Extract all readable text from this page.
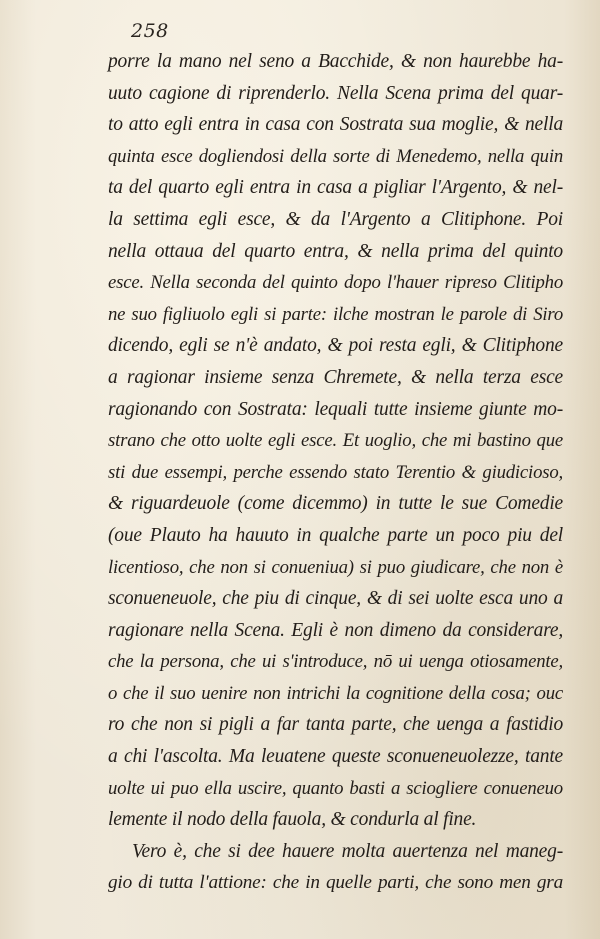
258
porre la mano nel seno a Bacchide, & non haurebbe ha-
uuto cagione di riprenderlo. Nella Scena prima del quar-
to atto egli entra in casa con Sostrata sua moglie, & nella
quinta esce dogliendosi della sorte di Menedemo, nella quin
ta del quarto egli entra in casa a pigliar l'Argento, & nel-
la settima egli esce, & da l'Argento a Clitiphone. Poi
nella ottaua del quarto entra, & nella prima del quinto
esce. Nella seconda del quinto dopo l'hauer ripreso Clitipho
ne suo figliuolo egli si parte: ilche mostran le parole di Siro
dicendo, egli se n'è andato, & poi resta egli, & Clitiphone
a ragionar insieme senza Chremete, & nella terza esce
ragionando con Sostrata: lequali tutte insieme giunte mo-
strano che otto uolte egli esce. Et uoglio, che mi bastino que
sti due essempi, perche essendo stato Terentio & giudicioso,
& riguardeuole (come dicemmo) in tutte le sue Comedie
(oue Plauto ha hauuto in qualche parte un poco piu del
licentioso, che non si conueniua) si puo giudicare, che non è
sconueneuole, che piu di cinque, & di sei uolte esca uno a
ragionare nella Scena. Egli è non dimeno da considerare,
che la persona, che ui s'introduce, nō ui uenga otiosamente,
o che il suo uenire non intrichi la cognitione della cosa; ouc
ro che non si pigli a far tanta parte, che uenga a fastidio
a chi l'ascolta. Ma leuatene queste sconueneuolezze, tante
uolte ui puo ella uscire, quanto basti a sciogliere conueneuo
lemente il nodo della fauola, & condurla al fine.
Vero è, che si dee hauere molta auertenza nel maneg-
gio di tutta l'attione: che in quelle parti, che sono men gra
